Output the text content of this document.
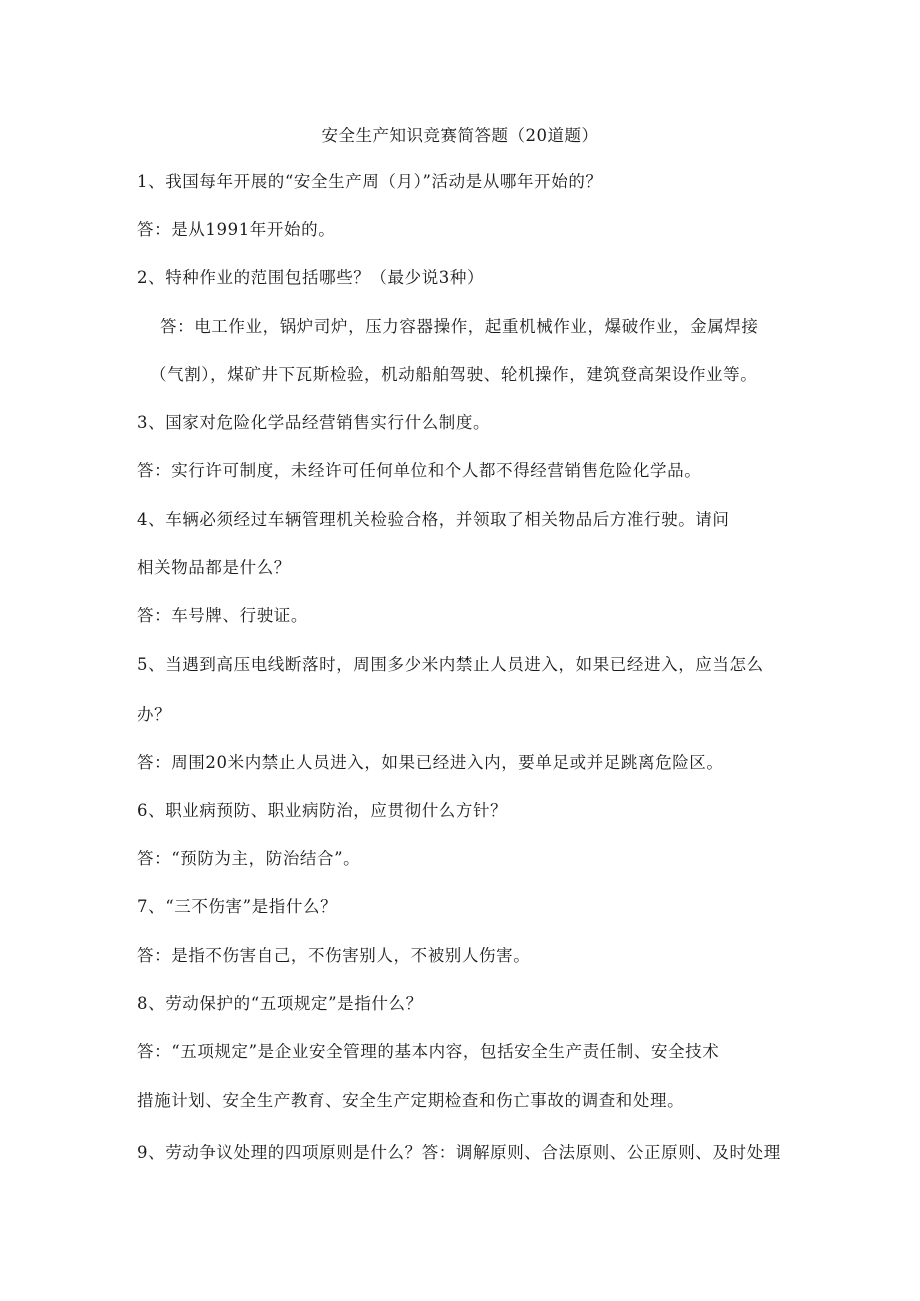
安全生产知识竞赛简答题（20道题）
1、我国每年开展的“安全生产周（月）”活动是从哪年开始的？
答：是从1991年开始的。
2、特种作业的范围包括哪些？（最少说3种）
答：电工作业，锅炉司炉，压力容器操作，起重机械作业，爆破作业，金属焊接
（气割），煤矿井下瓦斯检验，机动船舶驾驶、轮机操作，建筑登高架设作业等。
3、国家对危险化学品经营销售实行什么制度。
答：实行许可制度，未经许可任何单位和个人都不得经营销售危险化学品。
4、车辆必须经过车辆管理机关检验合格，并领取了相关物品后方准行驶。请问
相关物品都是什么？
答：车号牌、行驶证。
5、当遇到高压电线断落时，周围多少米内禁止人员进入，如果已经进入，应当怎么
办？
答：周围20米内禁止人员进入，如果已经进入内，要单足或并足跳离危险区。
6、职业病预防、职业病防治，应贯彻什么方针？
答：“预防为主，防治结合”。
7、“三不伤害”是指什么？
答：是指不伤害自己，不伤害别人，不被别人伤害。
8、劳动保护的“五项规定”是指什么？
答：“五项规定”是企业安全管理的基本内容，包括安全生产责任制、安全技术
措施计划、安全生产教育、安全生产定期检查和伤亡事故的调查和处理。
9、劳动争议处理的四项原则是什么？答：调解原则、合法原则、公正原则、及时处理
